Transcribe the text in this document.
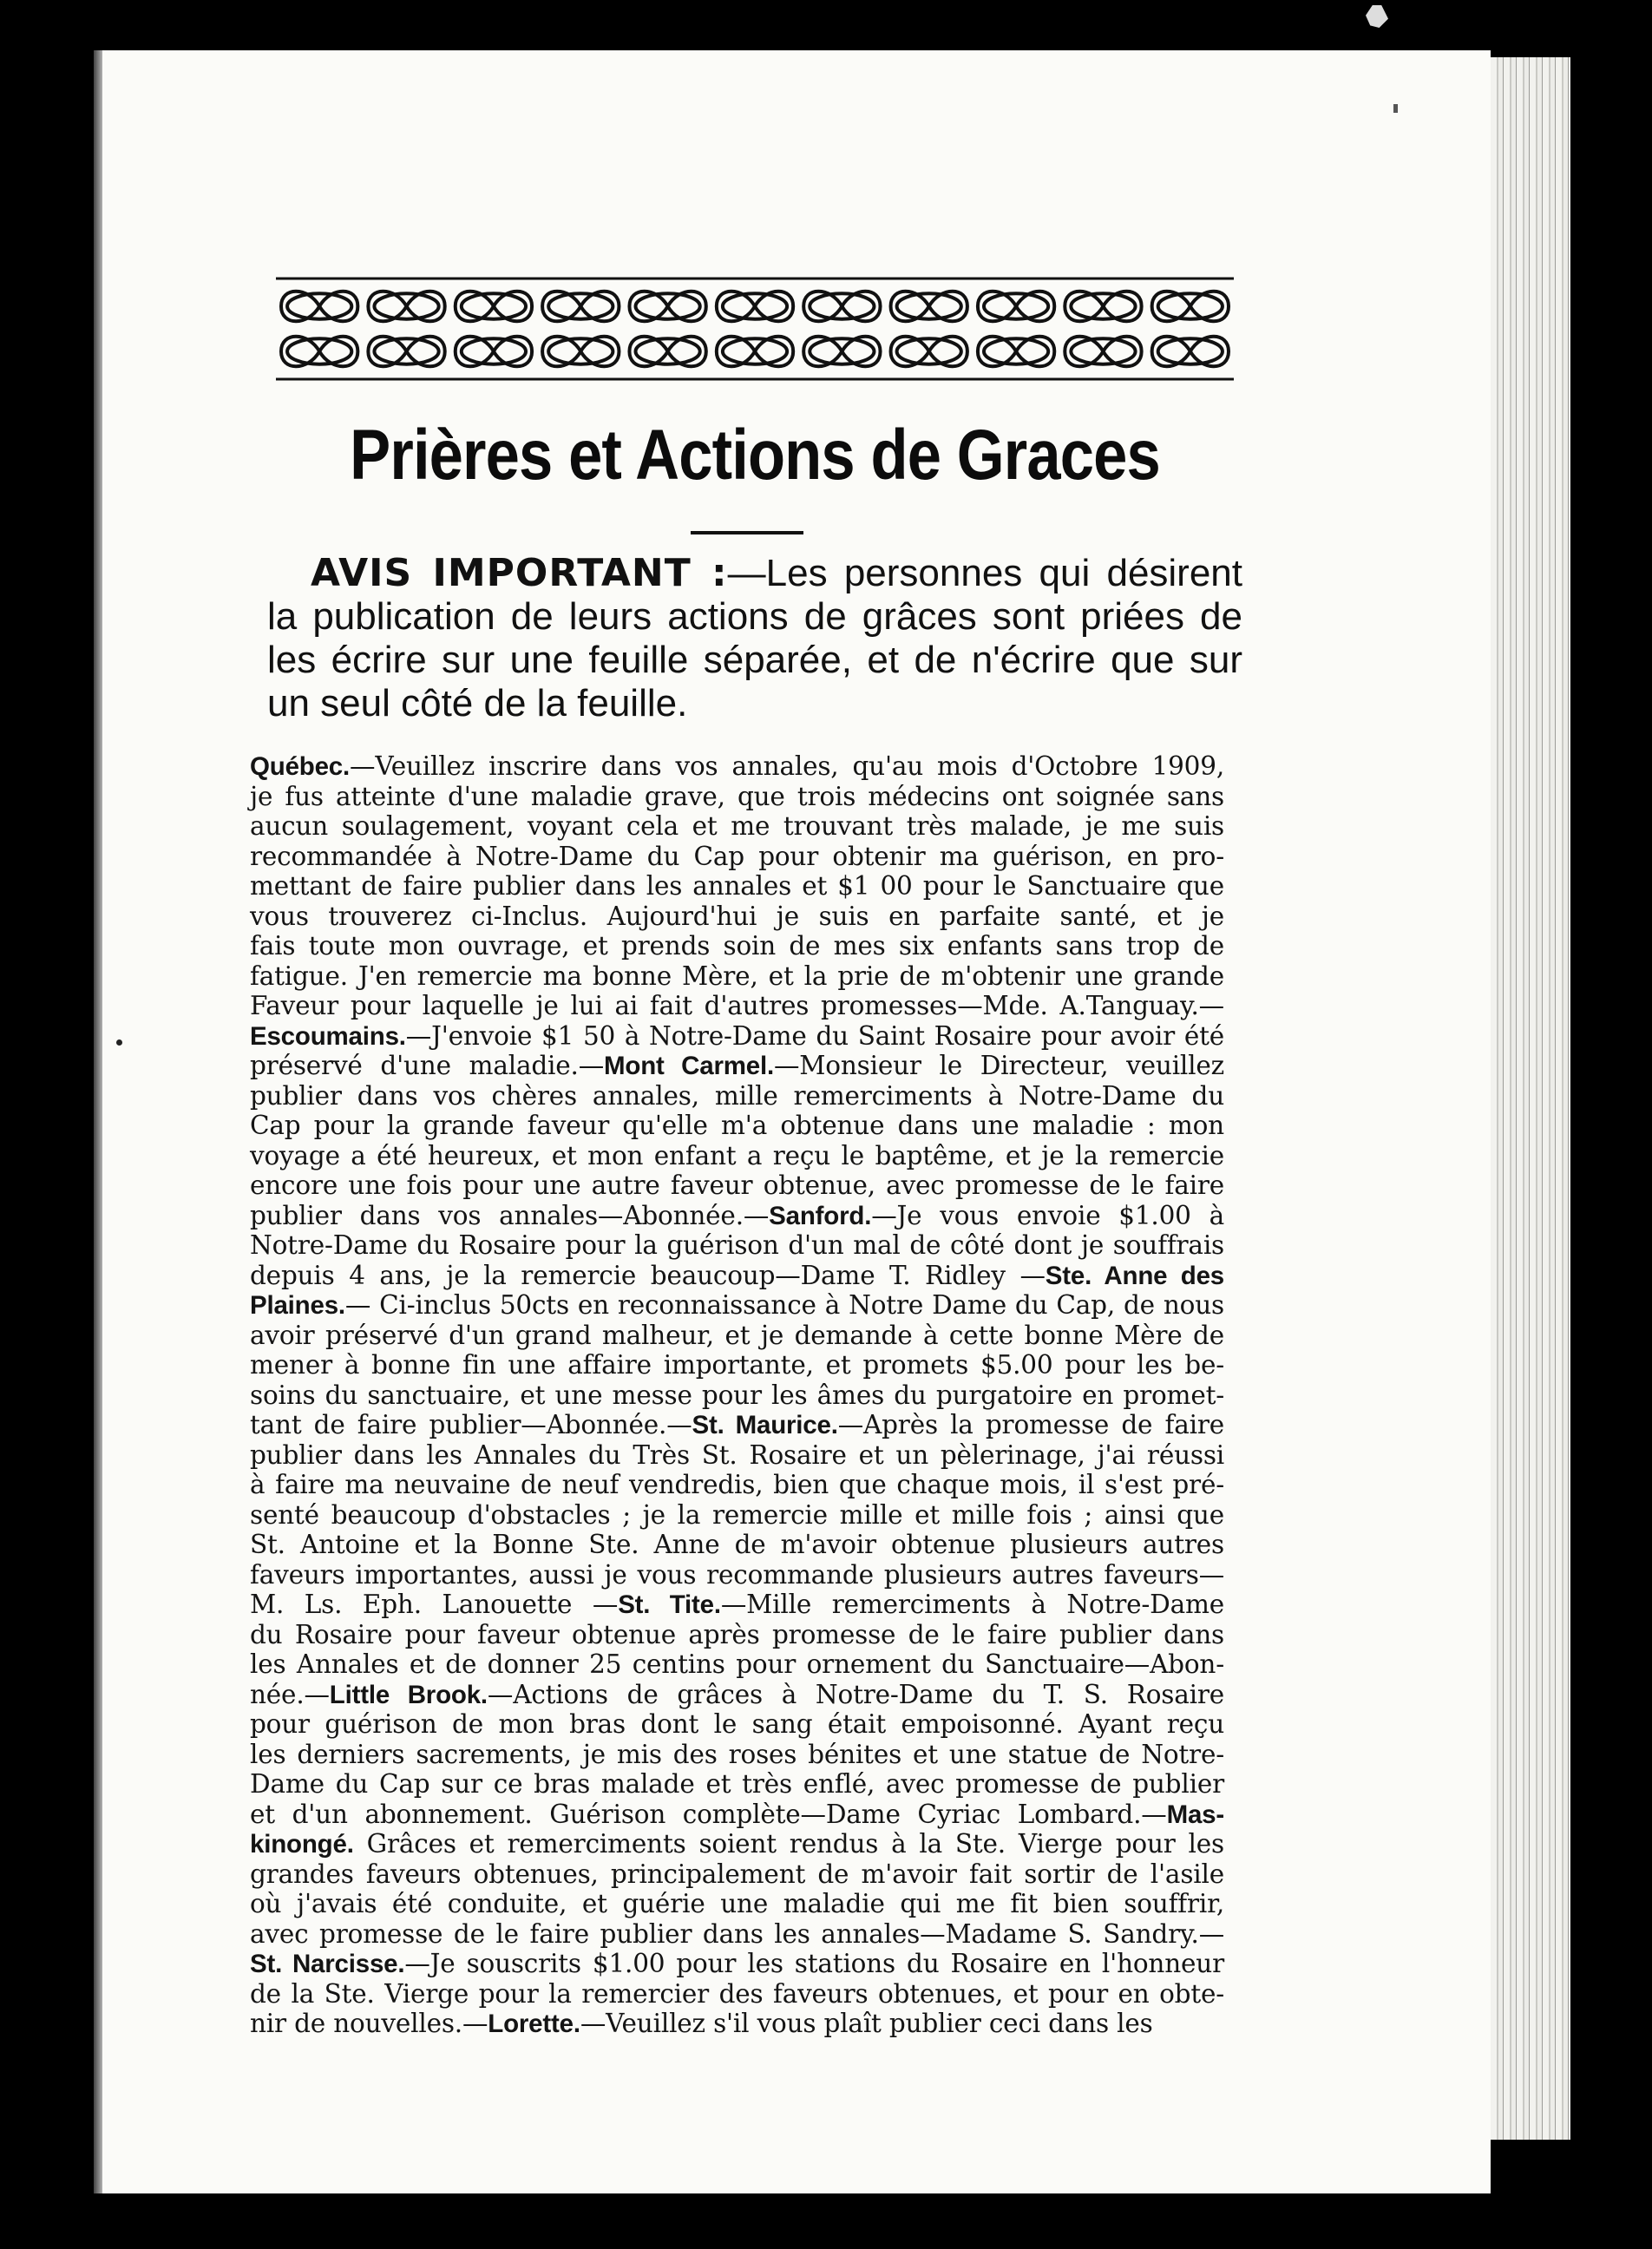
Prières et Actions de Graces
AVIS IMPORTANT :—Les personnes qui désirent la publication de leurs actions de grâces sont priées de les écrire sur une feuille séparée, et de n'écrire que sur un seul côté de la feuille.
Québec.—Veuillez inscrire dans vos annales, qu'au mois d'Octobre 1909,
je fus atteinte d'une maladie grave, que trois médecins ont soignée sans
aucun soulagement, voyant cela et me trouvant très malade, je me suis
recommandée à Notre-Dame du Cap pour obtenir ma guérison, en pro-
mettant de faire publier dans les annales et $1 00 pour le Sanctuaire que
vous trouverez ci-Inclus. Aujourd'hui je suis en parfaite santé, et je
fais toute mon ouvrage, et prends soin de mes six enfants sans trop de
fatigue. J'en remercie ma bonne Mère, et la prie de m'obtenir une grande
Faveur pour laquelle je lui ai fait d'autres promesses—Mde. A.Tanguay.—
Escoumains.—J'envoie $1 50 à Notre-Dame du Saint Rosaire pour avoir été
préservé d'une maladie.—Mont Carmel.—Monsieur le Directeur, veuillez
publier dans vos chères annales, mille remerciments à Notre-Dame du
Cap pour la grande faveur qu'elle m'a obtenue dans une maladie : mon
voyage a été heureux, et mon enfant a reçu le baptême, et je la remercie
encore une fois pour une autre faveur obtenue, avec promesse de le faire
publier dans vos annales—Abonnée.—Sanford.—Je vous envoie $1.00 à
Notre-Dame du Rosaire pour la guérison d'un mal de côté dont je souffrais
depuis 4 ans, je la remercie beaucoup—Dame T. Ridley —Ste. Anne des
Plaines.— Ci-inclus 50cts en reconnaissance à Notre Dame du Cap, de nous
avoir préservé d'un grand malheur, et je demande à cette bonne Mère de
mener à bonne fin une affaire importante, et promets $5.00 pour les be-
soins du sanctuaire, et une messe pour les âmes du purgatoire en promet-
tant de faire publier—Abonnée.—St. Maurice.—Après la promesse de faire
publier dans les Annales du Très St. Rosaire et un pèlerinage, j'ai réussi
à faire ma neuvaine de neuf vendredis, bien que chaque mois, il s'est pré-
senté beaucoup d'obstacles ; je la remercie mille et mille fois ; ainsi que
St. Antoine et la Bonne Ste. Anne de m'avoir obtenue plusieurs autres
faveurs importantes, aussi je vous recommande plusieurs autres faveurs—
M. Ls. Eph. Lanouette —St. Tite.—Mille remerciments à Notre-Dame
du Rosaire pour faveur obtenue après promesse de le faire publier dans
les Annales et de donner 25 centins pour ornement du Sanctuaire—Abon-
née.—Little Brook.—Actions de grâces à Notre-Dame du T. S. Rosaire
pour guérison de mon bras dont le sang était empoisonné. Ayant reçu
les derniers sacrements, je mis des roses bénites et une statue de Notre-
Dame du Cap sur ce bras malade et très enflé, avec promesse de publier
et d'un abonnement. Guérison complète—Dame Cyriac Lombard.—Mas-
kinongé. Grâces et remerciments soient rendus à la Ste. Vierge pour les
grandes faveurs obtenues, principalement de m'avoir fait sortir de l'asile
où j'avais été conduite, et guérie une maladie qui me fit bien souffrir,
avec promesse de le faire publier dans les annales—Madame S. Sandry.—
St. Narcisse.—Je souscrits $1.00 pour les stations du Rosaire en l'honneur
de la Ste. Vierge pour la remercier des faveurs obtenues, et pour en obte-
nir de nouvelles.—Lorette.—Veuillez s'il vous plaît publier ceci dans les
